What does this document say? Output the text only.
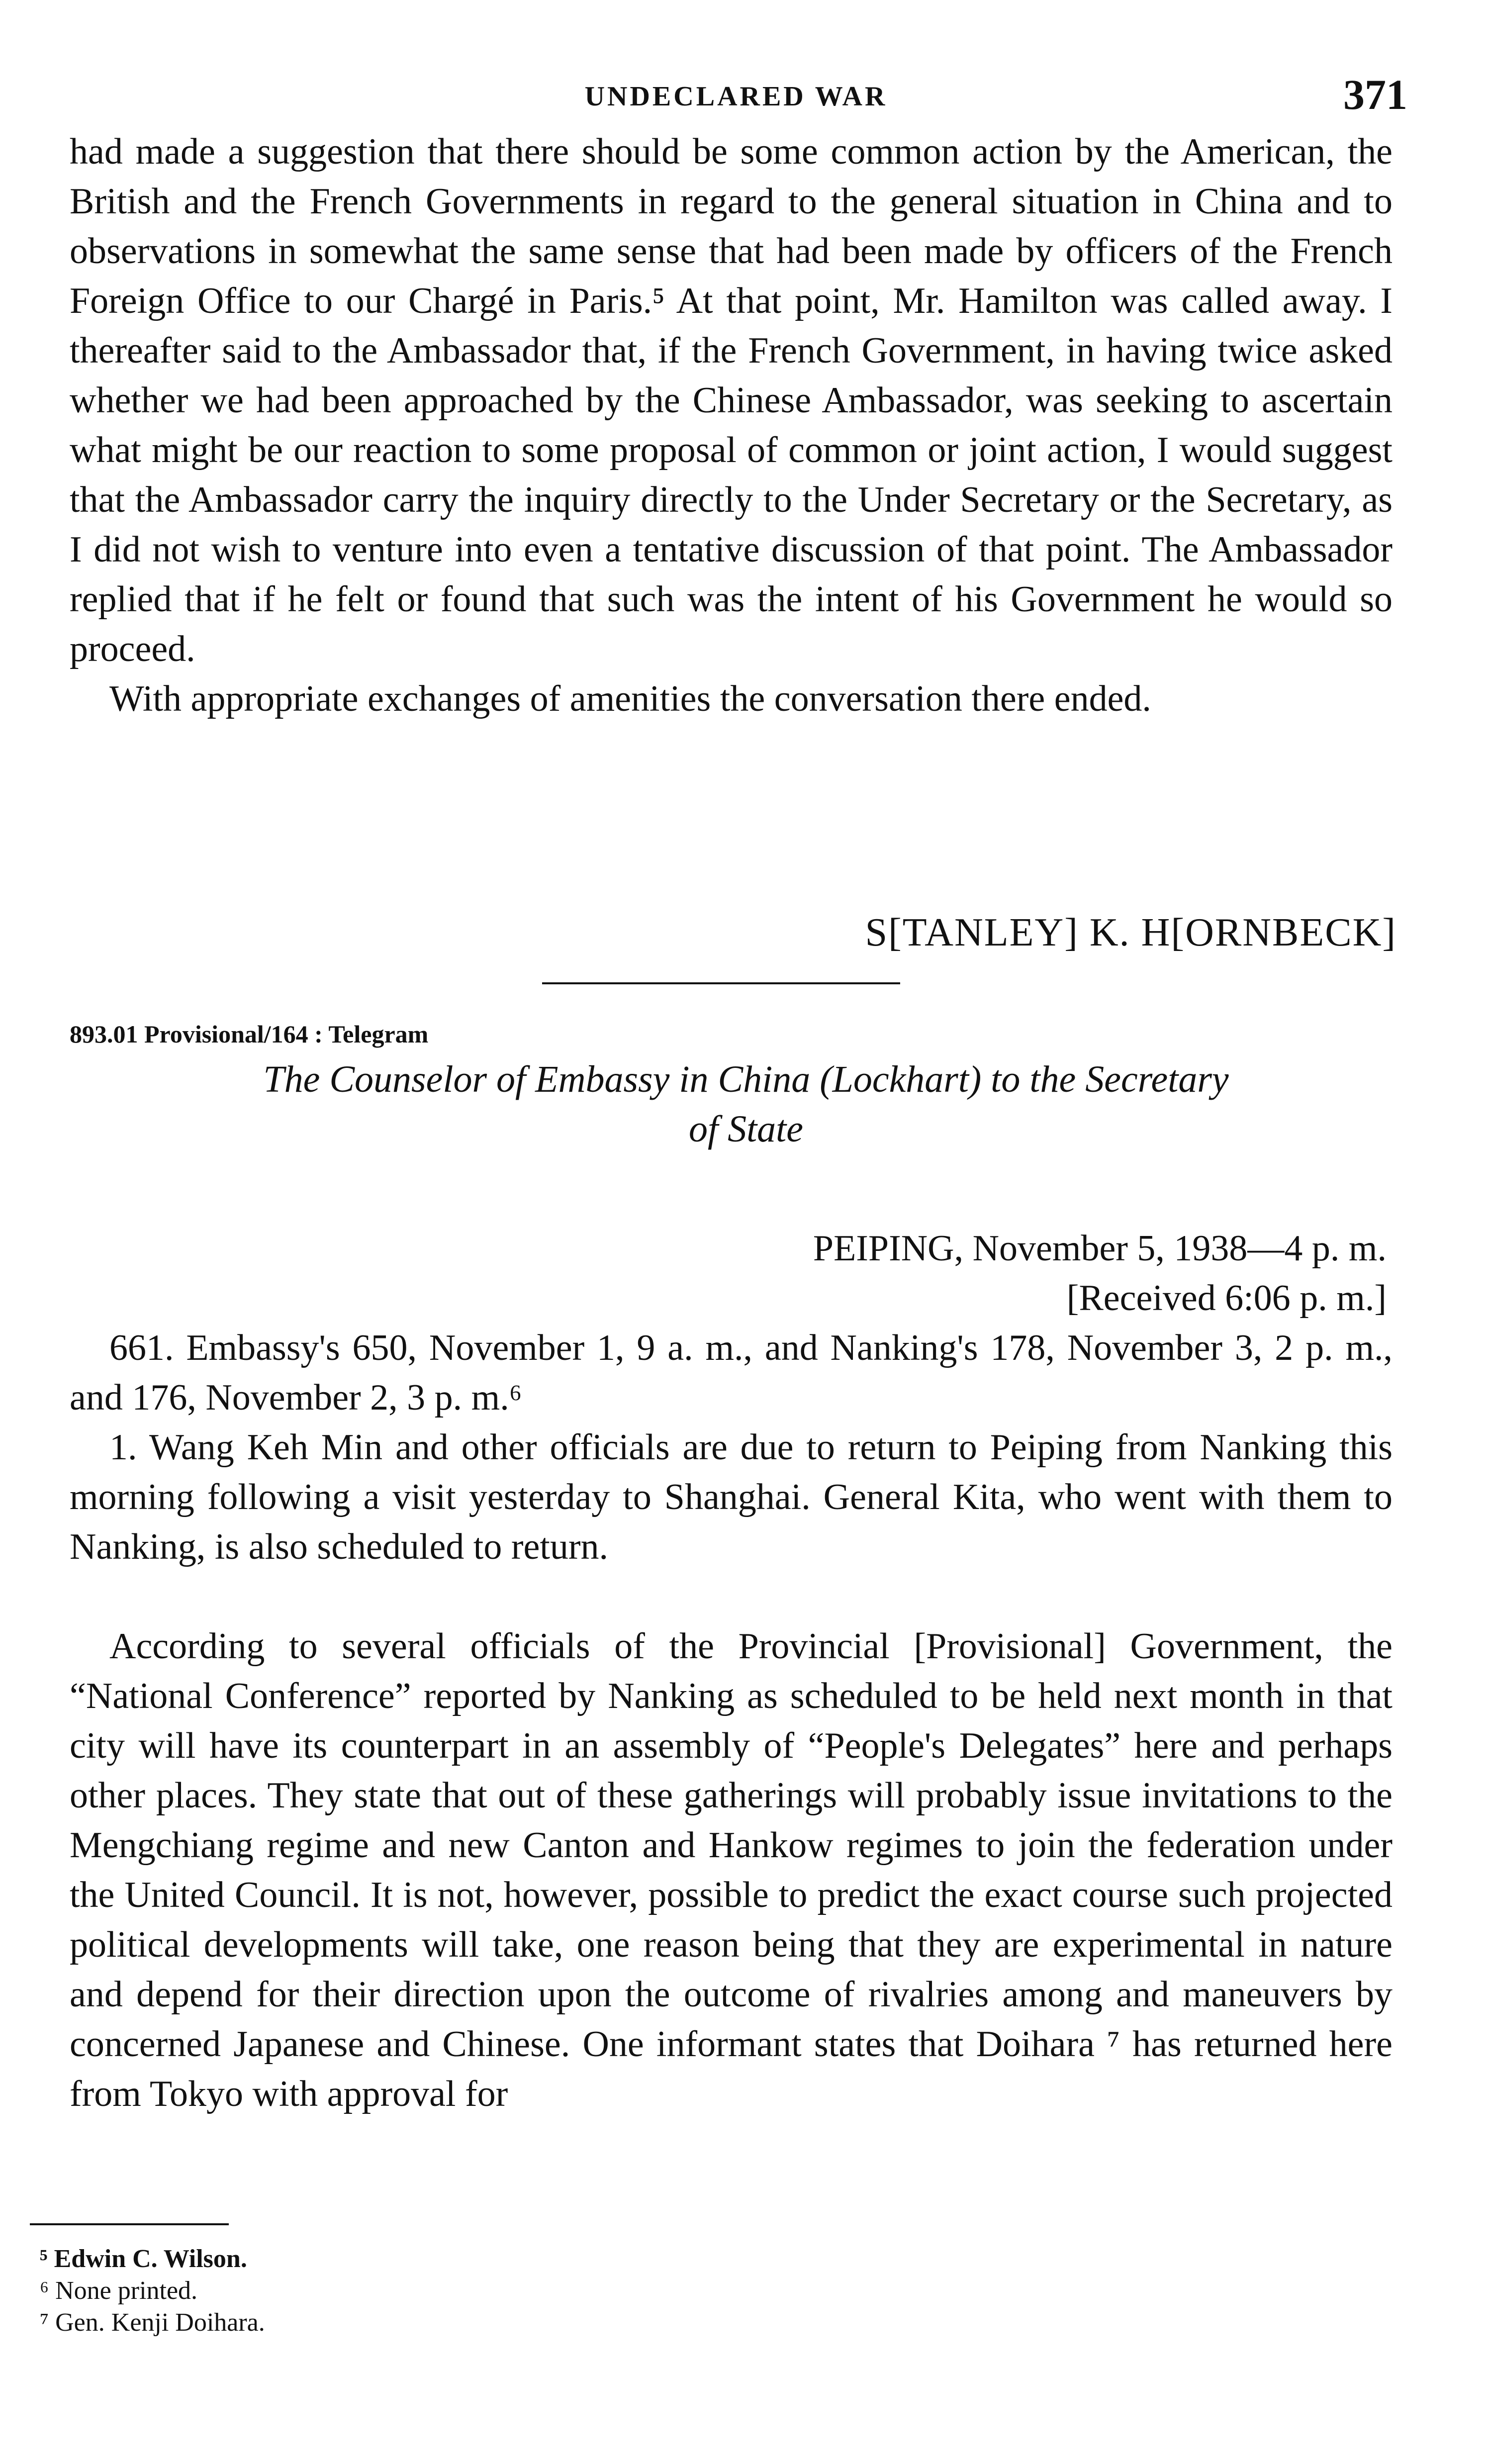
UNDECLARED WAR	371

had made a suggestion that there should be some common action by the American, the British and the French Governments in regard to the general situation in China and to observations in somewhat the same sense that had been made by officers of the French Foreign Office to our Chargé in Paris.⁵ At that point, Mr. Hamilton was called away. I thereafter said to the Ambassador that, if the French Government, in having twice asked whether we had been approached by the Chinese Ambassador, was seeking to ascertain what might be our reaction to some proposal of common or joint action, I would suggest that the Ambassador carry the inquiry directly to the Under Secretary or the Secretary, as I did not wish to venture into even a tentative discussion of that point. The Ambassador replied that if he felt or found that such was the intent of his Government he would so proceed.

With appropriate exchanges of amenities the conversation there ended.

S[TANLEY] K. H[ORNBECK]
893.01 Provisional/164 : Telegram
The Counselor of Embassy in China (Lockhart) to the Secretary
of State
PEIPING, November 5, 1938—4 p. m.
[Received 6:06 p. m.]

661. Embassy's 650, November 1, 9 a. m., and Nanking's 178, November 3, 2 p. m., and 176, November 2, 3 p. m.⁶

1. Wang Keh Min and other officials are due to return to Peiping from Nanking this morning following a visit yesterday to Shanghai. General Kita, who went with them to Nanking, is also scheduled to return.

According to several officials of the Provincial [Provisional] Government, the “National Conference” reported by Nanking as scheduled to be held next month in that city will have its counterpart in an assembly of “People's Delegates” here and perhaps other places. They state that out of these gatherings will probably issue invitations to the Mengchiang regime and new Canton and Hankow regimes to join the federation under the United Council. It is not, however, possible to predict the exact course such projected political developments will take, one reason being that they are experimental in nature and depend for their direction upon the outcome of rivalries among and maneuvers by concerned Japanese and Chinese. One informant states that Doihara ⁷ has returned here from Tokyo with approval for

⁵ Edwin C. Wilson.
⁶ None printed.
⁷ Gen. Kenji Doihara.
